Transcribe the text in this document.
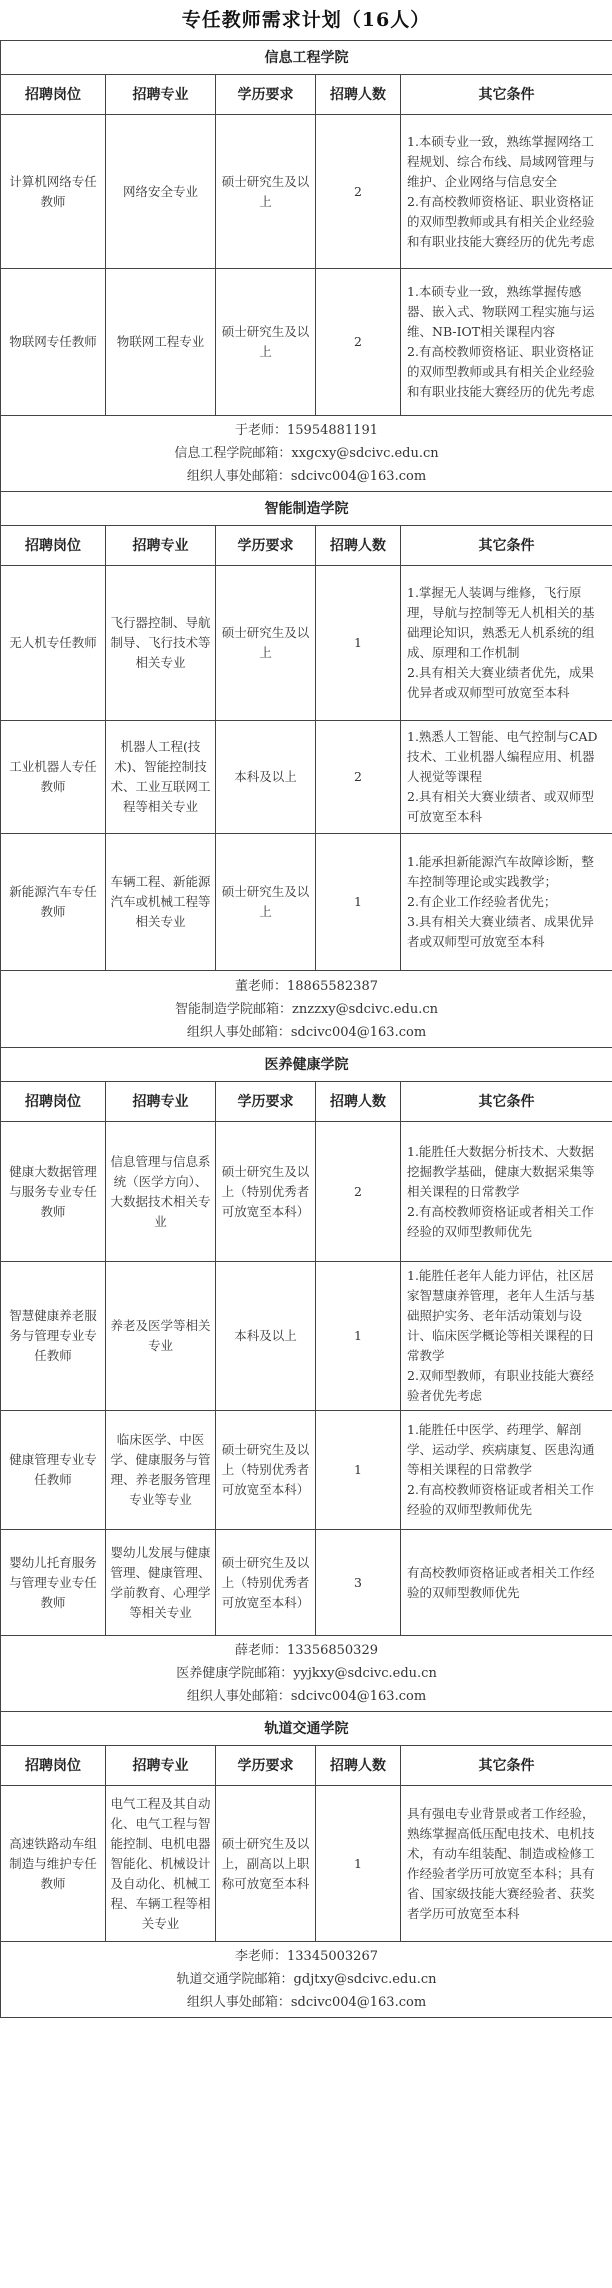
专任教师需求计划（16人）
信息工程学院				
招聘岗位	招聘专业	学历要求	招聘人数	其它条件
计算机网络专任教师	网络安全专业	硕士研究生及以上	2	1.本硕专业一致，熟练掌握网络工程规划、综合布线、局域网管理与维护、企业网络与信息安全
2.有高校教师资格证、职业资格证的双师型教师或具有相关企业经验和有职业技能大赛经历的优先考虑

物联网专任教师	物联网工程专业	硕士研究生及以上	2	1.本硕专业一致，熟练掌握传感器、嵌入式、物联网工程实施与运维、NB-IOT相关课程内容
2.有高校教师资格证、职业资格证的双师型教师或具有相关企业经验和有职业技能大赛经历的优先考虑

于老师：15954881191
信息工程学院邮箱：xxgcxy@sdcivc.edu.cn
组织人事处邮箱：sdcivc004@163.com				

智能制造学院				
招聘岗位	招聘专业	学历要求	招聘人数	其它条件
无人机专任教师	飞行器控制、导航制导、飞行技术等相关专业	硕士研究生及以上	1	1.掌握无人装调与维修，飞行原理，导航与控制等无人机相关的基础理论知识，熟悉无人机系统的组成、原理和工作机制
2.具有相关大赛业绩者优先，成果优异者或双师型可放宽至本科

工业机器人专任教师	机器人工程(技术)、智能控制技术、工业互联网工程等相关专业	本科及以上	2	1.熟悉人工智能、电气控制与CAD技术、工业机器人编程应用、机器人视觉等课程
2.具有相关大赛业绩者、或双师型可放宽至本科

新能源汽车专任教师	车辆工程、新能源汽车或机械工程等相关专业	硕士研究生及以上	1	1.能承担新能源汽车故障诊断，整车控制等理论或实践教学；
2.有企业工作经验者优先；
3.具有相关大赛业绩者、成果优异者或双师型可放宽至本科

董老师：18865582387
智能制造学院邮箱：znzzxy@sdcivc.edu.cn
组织人事处邮箱：sdcivc004@163.com				

医养健康学院				
招聘岗位	招聘专业	学历要求	招聘人数	其它条件
健康大数据管理与服务专业专任教师	信息管理与信息系统（医学方向）、大数据技术相关专业	硕士研究生及以上（特别优秀者可放宽至本科）	2	1.能胜任大数据分析技术、大数据挖掘教学基础，健康大数据采集等相关课程的日常教学
2.有高校教师资格证或者相关工作经验的双师型教师优先

智慧健康养老服务与管理专业专任教师	养老及医学等相关专业	本科及以上	1	1.能胜任老年人能力评估，社区居家智慧康养管理，老年人生活与基础照护实务、老年活动策划与设计、临床医学概论等相关课程的日常教学
2.双师型教师，有职业技能大赛经验者优先考虑

健康管理专业专任教师	临床医学、中医学、健康服务与管理、养老服务管理专业等专业	硕士研究生及以上（特别优秀者可放宽至本科）	1	1.能胜任中医学、药理学、解剖学、运动学、疾病康复、医患沟通等相关课程的日常教学
2.有高校教师资格证或者相关工作经验的双师型教师优先

婴幼儿托育服务与管理专业专任教师	婴幼儿发展与健康管理、健康管理、学前教育、心理学等相关专业	硕士研究生及以上（特别优秀者可放宽至本科）	3	有高校教师资格证或者相关工作经验的双师型教师优先

薛老师：13356850329
医养健康学院邮箱：yyjkxy@sdcivc.edu.cn
组织人事处邮箱：sdcivc004@163.com				

轨道交通学院				
招聘岗位	招聘专业	学历要求	招聘人数	其它条件
高速铁路动车组制造与维护专任教师	电气工程及其自动化、电气工程与智能控制、电机电器智能化、机械设计及自动化、机械工程、车辆工程等相关专业	硕士研究生及以上，副高以上职称可放宽至本科	1	具有强电专业背景或者工作经验，熟练掌握高低压配电技术、电机技术，有动车组装配、制造或检修工作经验者学历可放宽至本科；具有省、国家级技能大赛经验者、获奖者学历可放宽至本科

李老师：13345003267
轨道交通学院邮箱：gdjtxy@sdcivc.edu.cn
组织人事处邮箱：sdcivc004@163.com				
